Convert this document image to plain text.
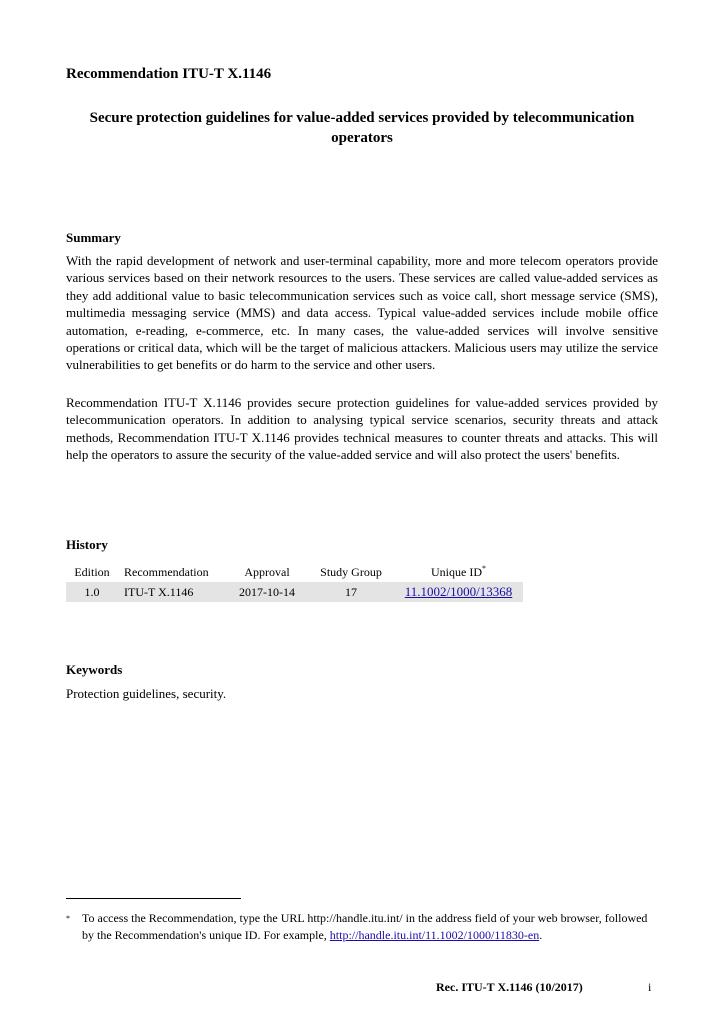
Recommendation ITU-T X.1146
Secure protection guidelines for value-added services provided by telecommunication operators
Summary

With the rapid development of network and user-terminal capability, more and more telecom operators provide various services based on their network resources to the users. These services are called value-added services as they add additional value to basic telecommunication services such as voice call, short message service (SMS), multimedia messaging service (MMS) and data access. Typical value-added services include mobile office automation, e-reading, e-commerce, etc. In many cases, the value-added services will involve sensitive operations or critical data, which will be the target of malicious attackers. Malicious users may utilize the service vulnerabilities to get benefits or do harm to the service and other users.

Recommendation ITU-T X.1146 provides secure protection guidelines for value-added services provided by telecommunication operators. In addition to analysing typical service scenarios, security threats and attack methods, Recommendation ITU-T X.1146 provides technical measures to counter threats and attacks. This will help the operators to assure the security of the value-added service and will also protect the users' benefits.

History
Edition	Recommendation	Approval	Study Group	Unique ID*
1.0	ITU-T X.1146	2017-10-14	17	11.1002/1000/13368
Keywords
Protection guidelines, security.
* To access the Recommendation, type the URL http://handle.itu.int/ in the address field of your web browser, followed by the Recommendation's unique ID. For example, http://handle.itu.int/11.1002/1000/11830-en.
Rec. ITU-T X.1146 (10/2017)	i
